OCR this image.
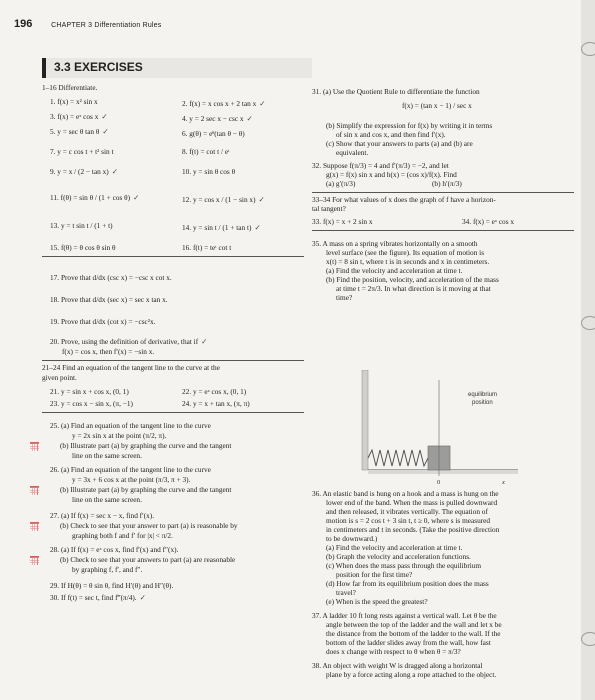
196	CHAPTER 3 Differentiation Rules
3.3 EXERCISES
1–16 Differentiate.
1. f(x) = x² sin x	2. f(x) = x cos x + 2 tan x ✓
3. f(x) = eˣ cos x ✓	4. y = 2 sec x − csc x ✓
5. y = sec θ tan θ ✓	6. g(θ) = eᶿ(tan θ − θ)
7. y = c cos t + t² sin t	8. f(t) = cot t / eᵗ
9. y = x / (2 − tan x) ✓	10. y = sin θ cos θ
11. f(θ) = sin θ / (1 + cos θ) ✓	12. y = cos x / (1 − sin x) ✓
13. y = t sin t / (1 + t)	14. y = sin t / (1 + tan t) ✓
15. f(θ) = θ cos θ sin θ	16. f(t) = teᵗ cot t
17. Prove that d/dx (csc x) = −csc x cot x.
18. Prove that d/dx (sec x) = sec x tan x.
19. Prove that d/dx (cot x) = −csc²x.
20. Prove, using the definition of derivative, that if ✓
f(x) = cos x, then f′(x) = −sin x.
21–24 Find an equation of the tangent line to the curve at the
given point.
21. y = sin x + cos x, (0, 1)	22. y = eˣ cos x, (0, 1)
23. y = cos x − sin x, (π, −1)	24. y = x + tan x, (π, π)
25. (a) Find an equation of the tangent line to the curve
y = 2x sin x at the point (π/2, π).
(b) Illustrate part (a) by graphing the curve and the tangent
line on the same screen.
26. (a) Find an equation of the tangent line to the curve
y = 3x + 6 cos x at the point (π/3, π + 3).
(b) Illustrate part (a) by graphing the curve and the tangent
line on the same screen.
27. (a) If f(x) = sec x − x, find f′(x).
(b) Check to see that your answer to part (a) is reasonable by
graphing both f and f′ for |x| < π/2.
28. (a) If f(x) = eˣ cos x, find f′(x) and f″(x).
(b) Check to see that your answers to part (a) are reasonable
by graphing f, f′, and f″.
29. If H(θ) = θ sin θ, find H′(θ) and H″(θ).
30. If f(t) = sec t, find f‴(π/4). ✓
31. (a) Use the Quotient Rule to differentiate the function
f(x) = (tan x − 1) / sec x
(b) Simplify the expression for f(x) by writing it in terms
of sin x and cos x, and then find f′(x).
(c) Show that your answers to parts (a) and (b) are
equivalent.
32. Suppose f(π/3) = 4 and f′(π/3) = −2, and let
g(x) = f(x) sin x and h(x) = (cos x)/f(x). Find
(a) g′(π/3)	(b) h′(π/3)
33–34 For what values of x does the graph of f have a horizon-
tal tangent?
33. f(x) = x + 2 sin x	34. f(x) = eˣ cos x
35. A mass on a spring vibrates horizontally on a smooth
level surface (see the figure). Its equation of motion is
x(t) = 8 sin t, where t is in seconds and x in centimeters.
(a) Find the velocity and acceleration at time t.
(b) Find the position, velocity, and acceleration of the mass
at time t = 2π/3. In what direction is it moving at that
time?
equilibrium
position
0	x
36. An elastic band is hung on a hook and a mass is hung on the
lower end of the band. When the mass is pulled downward
and then released, it vibrates vertically. The equation of
motion is s = 2 cos t + 3 sin t, t ≥ 0, where s is measured
in centimeters and t in seconds. (Take the positive direction
to be downward.)
(a) Find the velocity and acceleration at time t.
(b) Graph the velocity and acceleration functions.
(c) When does the mass pass through the equilibrium
position for the first time?
(d) How far from its equilibrium position does the mass
travel?
(e) When is the speed the greatest?
37. A ladder 10 ft long rests against a vertical wall. Let θ be the
angle between the top of the ladder and the wall and let x be
the distance from the bottom of the ladder to the wall. If the
bottom of the ladder slides away from the wall, how fast
does x change with respect to θ when θ = π/3?
38. An object with weight W is dragged along a horizontal
plane by a force acting along a rope attached to the object.
